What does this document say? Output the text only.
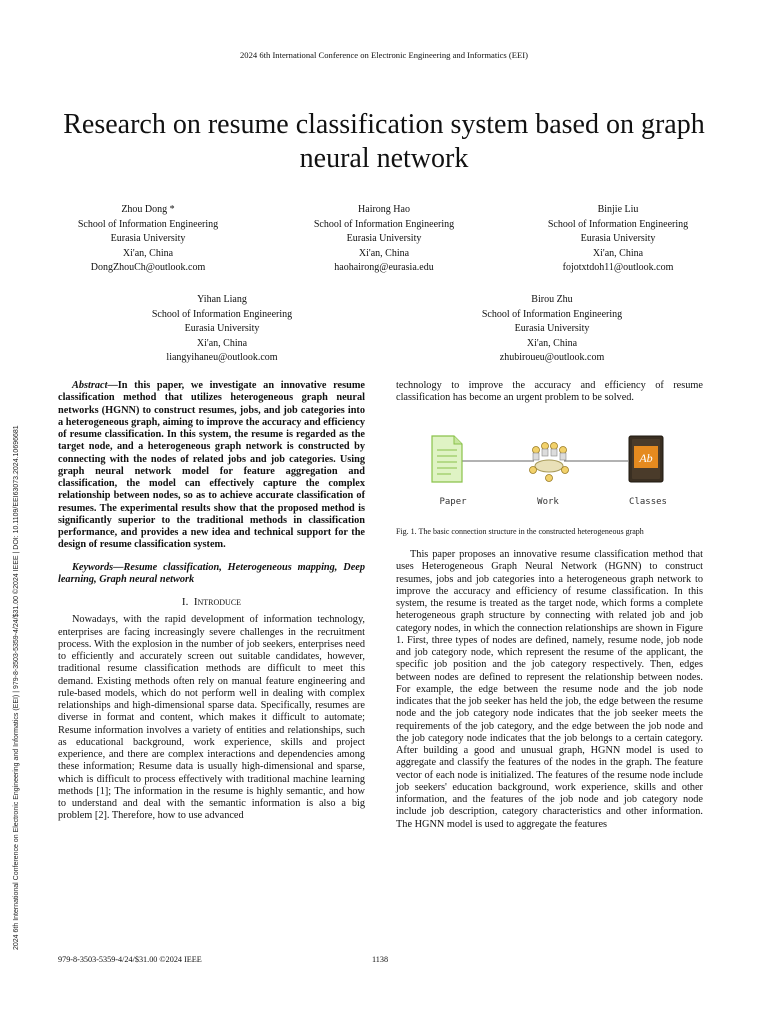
2024 6th International Conference on Electronic Engineering and Informatics (EEI)
2024 6th International Conference on Electronic Engineering and Informatics (EEI) | 979-8-3503-5359-4/24/$31.00 ©2024 IEEE | DOI: 10.1109/EEI63073.2024.10696681
Research on resume classification system based on graph neural network
Zhou Dong *
School of Information Engineering
Eurasia University
Xi'an, China
DongZhouCh@outlook.com
Hairong Hao
School of Information Engineering
Eurasia University
Xi'an, China
haohairong@eurasia.edu
Binjie Liu
School of Information Engineering
Eurasia University
Xi'an, China
fojotxtdoh11@outlook.com
Yihan Liang
School of Information Engineering
Eurasia University
Xi'an, China
liangyihaneu@outlook.com
Birou Zhu
School of Information Engineering
Eurasia University
Xi'an, China
zhubiroueu@outlook.com

Abstract—In this paper, we investigate an innovative resume classification method that utilizes heterogeneous graph neural networks (HGNN) to construct resumes, jobs, and job categories into a heterogeneous graph, aiming to improve the accuracy and efficiency of resume classification. In this system, the resume is regarded as the target node, and a heterogeneous graph network is constructed by connecting with the nodes of related jobs and job categories. Using graph neural network model for feature aggregation and classification, the model can effectively capture the complex relationship between nodes, so as to achieve accurate classification of resumes. The experimental results show that the proposed method is significantly superior to the traditional methods in classification performance, and provides a new idea and technical support for the design of resume classification system.

Keywords—Resume classification, Heterogeneous mapping, Deep learning, Graph neural network

I. Introduce

Nowadays, with the rapid development of information technology, enterprises are facing increasingly severe challenges in the recruitment process. With the explosion in the number of job seekers, enterprises need to efficiently and accurately screen out suitable candidates, however, traditional resume classification methods are difficult to meet this demand. Existing methods often rely on manual feature engineering and rule-based models, which do not perform well in dealing with complex relationships and high-dimensional sparse data. Specifically, resumes are diverse in format and content, which makes it difficult to automate; Resume information involves a variety of entities and relationships, such as educational background, work experience, skills and project experience, and there are complex interactions and dependencies among these information; Resume data is usually high-dimensional and sparse, which is difficult to process effectively with traditional machine learning methods [1]; The information in the resume is highly semantic, and how to understand and deal with the semantic information is also a big problem [2]. Therefore, how to use advanced

technology to improve the accuracy and efficiency of resume classification has become an urgent problem to be solved.

Ab
Paper	Work	Classes
Fig. 1. The basic connection structure in the constructed heterogeneous graph

This paper proposes an innovative resume classification method that uses Heterogeneous Graph Neural Network (HGNN) to construct resumes, jobs and job categories into a heterogeneous graph network to improve the accuracy and efficiency of resume classification. In this system, the resume is treated as the target node, which forms a complete heterogeneous graph structure by connecting with related job and job category nodes, in which the connection relationships are shown in Figure 1. First, three types of nodes are defined, namely, resume node, job node and job category node, which represent the resume of the applicant, the specific job position and the job category respectively. Then, edges between nodes are defined to represent the relationship between nodes. For example, the edge between the resume node and the job node indicates that the job seeker has held the job, the edge between the resume node and the job category node indicates that the job seeker meets the requirements of the job category, and the edge between the job node and the job category node indicates that the job belongs to a certain category. After building a good and unusual graph, HGNN model is used to aggregate and classify the features of the nodes in the graph. The feature vector of each node is initialized. The features of the resume node include job seekers' education background, work experience, skills and other information, and the features of the job node and job category node include job description, category characteristics and other information. The HGNN model is used to aggregate the features

979-8-3503-5359-4/24/$31.00 ©2024 IEEE	1138
